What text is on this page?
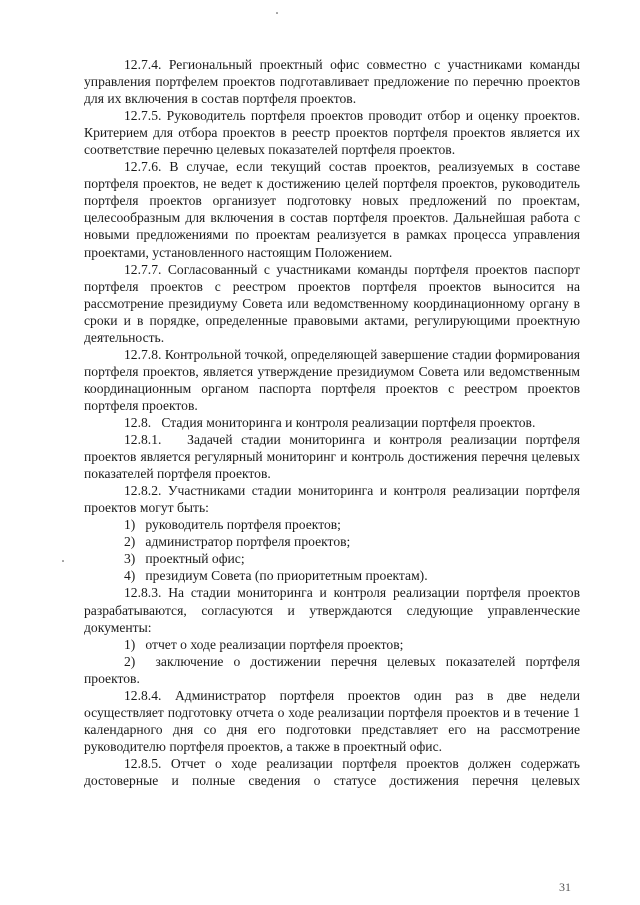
12.7.4. Региональный проектный офис совместно с участниками команды управления портфелем проектов подготавливает предложение по перечню проектов для их включения в состав портфеля проектов.

12.7.5. Руководитель портфеля проектов проводит отбор и оценку проектов. Критерием для отбора проектов в реестр проектов портфеля проектов является их соответствие перечню целевых показателей портфеля проектов.

12.7.6. В случае, если текущий состав проектов, реализуемых в составе портфеля проектов, не ведет к достижению целей портфеля проектов, руководитель портфеля проектов организует подготовку новых предложений по проектам, целесообразным для включения в состав портфеля проектов. Дальнейшая работа с новыми предложениями по проектам реализуется в рамках процесса управления проектами, установленного настоящим Положением.

12.7.7. Согласованный с участниками команды портфеля проектов паспорт портфеля проектов с реестром проектов портфеля проектов выносится на рассмотрение президиуму Совета или ведомственному координационному органу в сроки и в порядке, определенные правовыми актами, регулирующими проектную деятельность.

12.7.8. Контрольной точкой, определяющей завершение стадии формирования портфеля проектов, является утверждение президиумом Совета или ведомственным координационным органом паспорта портфеля проектов с реестром проектов портфеля проектов.

12.8. Стадия мониторинга и контроля реализации портфеля проектов.

12.8.1. Задачей стадии мониторинга и контроля реализации портфеля проектов является регулярный мониторинг и контроль достижения перечня целевых показателей портфеля проектов.

12.8.2. Участниками стадии мониторинга и контроля реализации портфеля проектов могут быть:

1) руководитель портфеля проектов;

2) администратор портфеля проектов;

3) проектный офис;

4) президиум Совета (по приоритетным проектам).

12.8.3. На стадии мониторинга и контроля реализации портфеля проектов разрабатываются, согласуются и утверждаются следующие управленческие документы:

1) отчет о ходе реализации портфеля проектов;

2) заключение о достижении перечня целевых показателей портфеля проектов.

12.8.4. Администратор портфеля проектов один раз в две недели осуществляет подготовку отчета о ходе реализации портфеля проектов и в течение 1 календарного дня со дня его подготовки представляет его на рассмотрение руководителю портфеля проектов, а также в проектный офис.

12.8.5. Отчет о ходе реализации портфеля проектов должен содержать достоверные и полные сведения о статусе достижения перечня целевых

31
